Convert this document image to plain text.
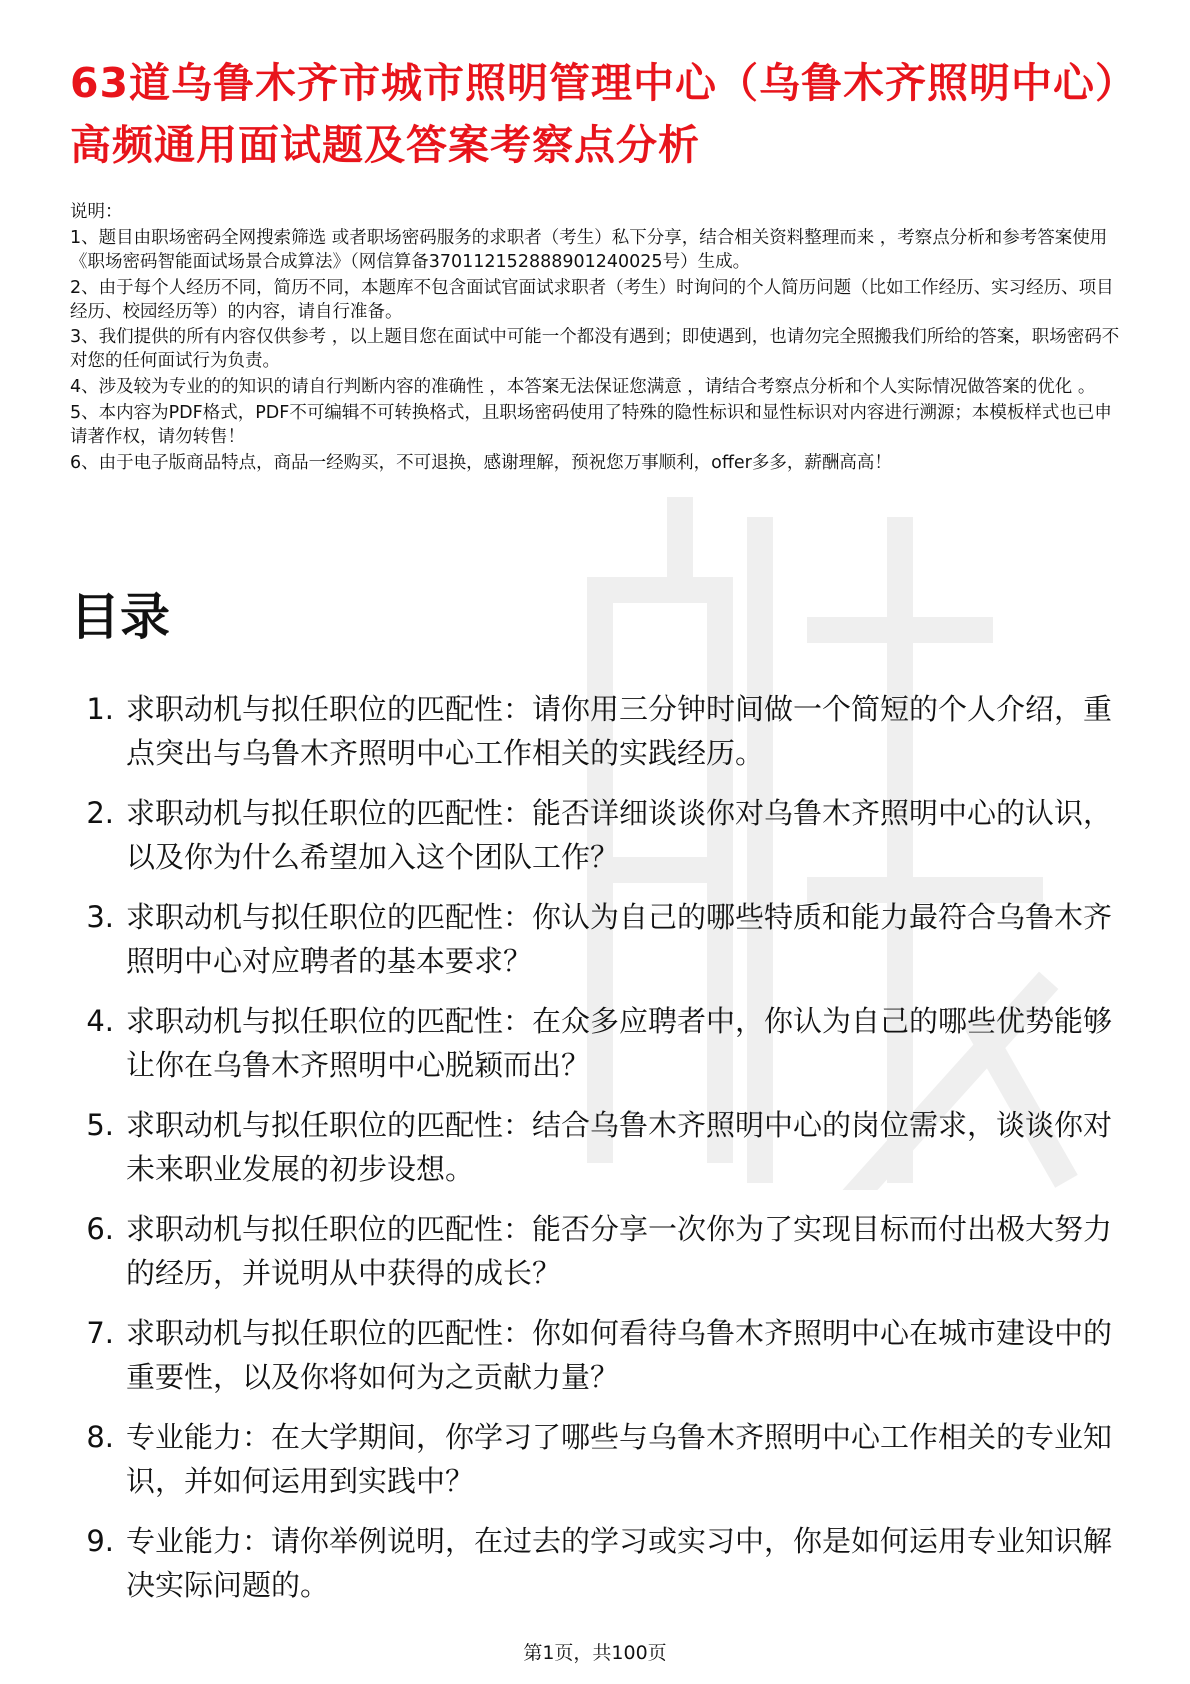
63道乌鲁木齐市城市照明管理中心（乌鲁木齐照明中心）高频通用面试题及答案考察点分析

说明：

1、题目由职场密码全网搜索筛选 或者职场密码服务的求职者（考生）私下分享，结合相关资料整理而来 ，考察点分析和参考答案使用《职场密码智能面试场景合成算法》（网信算备370112152888901240025号）生成。

2、由于每个人经历不同，简历不同，本题库不包含面试官面试求职者（考生）时询问的个人简历问题（比如工作经历、实习经历、项目经历、校园经历等）的内容，请自行准备。

3、我们提供的所有内容仅供参考 ，以上题目您在面试中可能一个都没有遇到；即使遇到，也请勿完全照搬我们所给的答案，职场密码不对您的任何面试行为负责。

4、涉及较为专业的的知识的请自行判断内容的准确性 ，本答案无法保证您满意 ，请结合考察点分析和个人实际情况做答案的优化 。

5、本内容为PDF格式，PDF不可编辑不可转换格式，且职场密码使用了特殊的隐性标识和显性标识对内容进行溯源；本模板样式也已申请著作权，请勿转售！

6、由于电子版商品特点，商品一经购买，不可退换，感谢理解，预祝您万事顺利，offer多多，薪酬高高！

目录
1. 求职动机与拟任职位的匹配性：请你用三分钟时间做一个简短的个人介绍，重点突出与乌鲁木齐照明中心工作相关的实践经历。
2. 求职动机与拟任职位的匹配性：能否详细谈谈你对乌鲁木齐照明中心的认识，以及你为什么希望加入这个团队工作？
3. 求职动机与拟任职位的匹配性：你认为自己的哪些特质和能力最符合乌鲁木齐照明中心对应聘者的基本要求？
4. 求职动机与拟任职位的匹配性：在众多应聘者中，你认为自己的哪些优势能够让你在乌鲁木齐照明中心脱颖而出？
5. 求职动机与拟任职位的匹配性：结合乌鲁木齐照明中心的岗位需求，谈谈你对未来职业发展的初步设想。
6. 求职动机与拟任职位的匹配性：能否分享一次你为了实现目标而付出极大努力的经历，并说明从中获得的成长？
7. 求职动机与拟任职位的匹配性：你如何看待乌鲁木齐照明中心在城市建设中的重要性，以及你将如何为之贡献力量？
8. 专业能力：在大学期间，你学习了哪些与乌鲁木齐照明中心工作相关的专业知识，并如何运用到实践中？
9. 专业能力：请你举例说明，在过去的学习或实习中，你是如何运用专业知识解决实际问题的。
第1页，共100页
